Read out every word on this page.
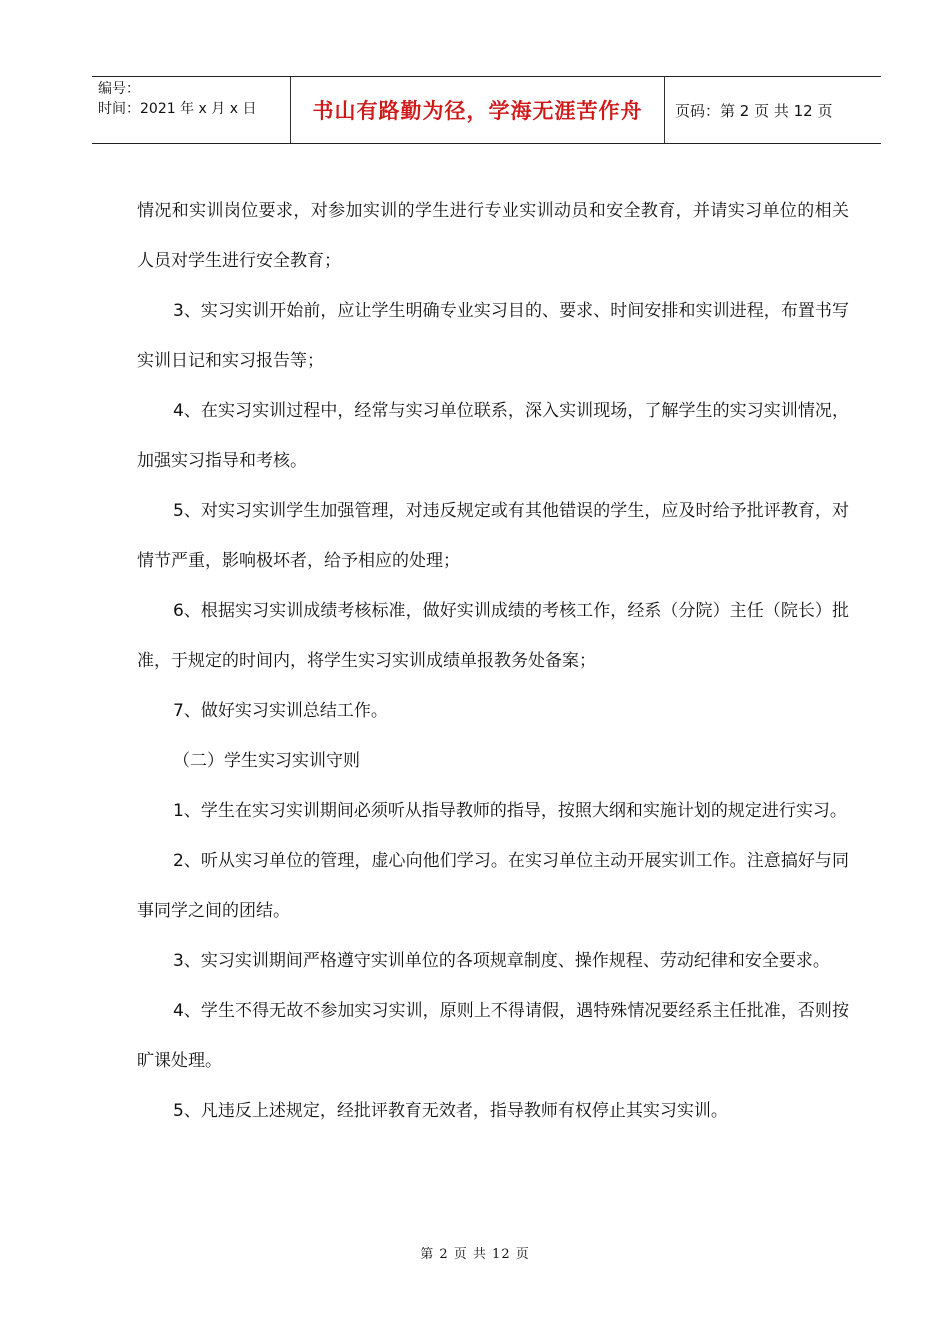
编号：
时间：2021 年 x 月 x 日	书山有路勤为径，学海无涯苦作舟 页码：第 2 页 共 12 页

情况和实训岗位要求，对参加实训的学生进行专业实训动员和安全教育，并请实习单位的相关人员对学生进行安全教育；

3、实习实训开始前，应让学生明确专业实习目的、要求、时间安排和实训进程，布置书写实训日记和实习报告等；

4、在实习实训过程中，经常与实习单位联系，深入实训现场，了解学生的实习实训情况，加强实习指导和考核。

5、对实习实训学生加强管理，对违反规定或有其他错误的学生，应及时给予批评教育，对情节严重，影响极坏者，给予相应的处理；

6、根据实习实训成绩考核标准，做好实训成绩的考核工作，经系（分院）主任（院长）批准，于规定的时间内，将学生实习实训成绩单报教务处备案；

7、做好实习实训总结工作。

（二）学生实习实训守则

1、学生在实习实训期间必须听从指导教师的指导，按照大纲和实施计划的规定进行实习。

2、听从实习单位的管理，虚心向他们学习。在实习单位主动开展实训工作。注意搞好与同事同学之间的团结。

3、实习实训期间严格遵守实训单位的各项规章制度、操作规程、劳动纪律和安全要求。

4、学生不得无故不参加实习实训，原则上不得请假，遇特殊情况要经系主任批准，否则按旷课处理。

5、凡违反上述规定，经批评教育无效者，指导教师有权停止其实习实训。

第 2 页 共 12 页
